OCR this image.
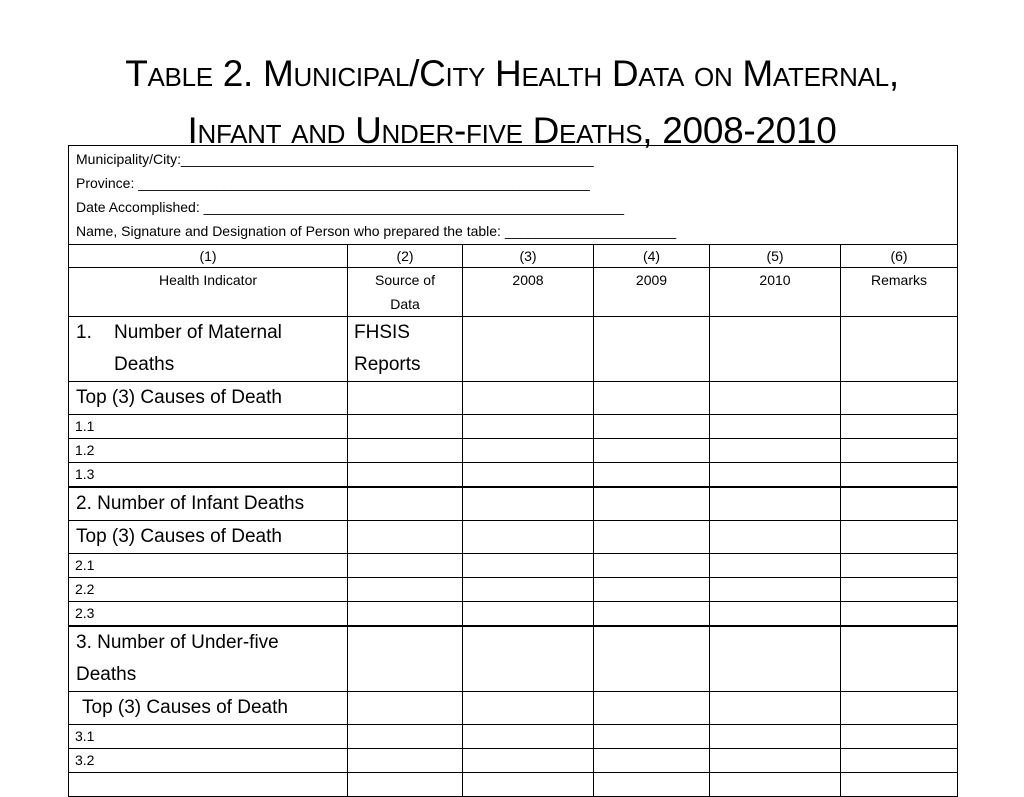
Table 2. Municipal/City Health Data on Maternal,
Infant and Under-five Deaths, 2008-2010
Municipality/City:_____________________________________________________
Province: __________________________________________________________
Date Accomplished: ______________________________________________________
Name, Signature and Designation of Person who prepared the table: ______________________					

(1)	(2)	(3)	(4)	(5)	(6)
Health Indicator	Source of Data	2008	2009	2010	Remarks
1. Number of Maternal Deaths	FHSIS Reports				

Top (3) Causes of Death					
1.1					
1.2					
1.3					
2. Number of Infant Deaths					
Top (3) Causes of Death					
2.1					
2.2					
2.3					
3. Number of Under-five Deaths					
Top (3) Causes of Death					
3.1					
3.2					
